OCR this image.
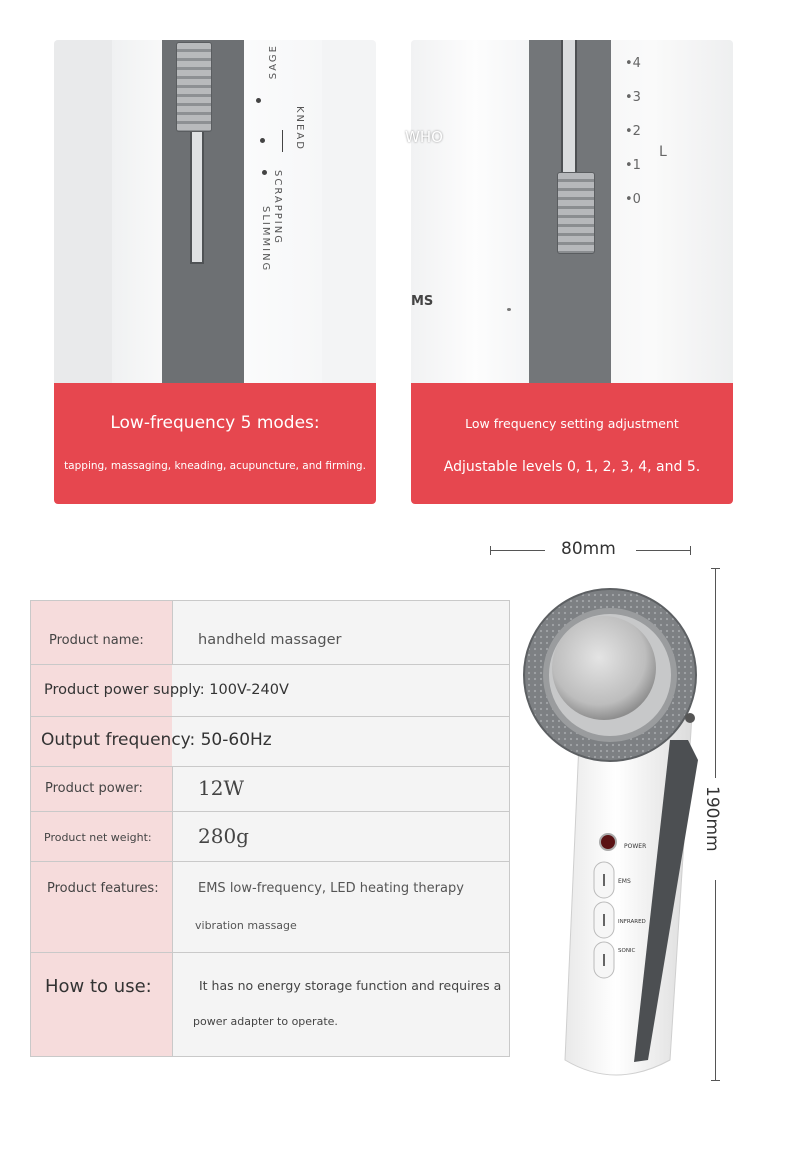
SAGE
KNEAD
SCRAPPING
SLIMMING
Low-frequency 5 modes:
tapping, massaging, kneading, acupuncture, and firming.
•4
•3
•2
•1
•0
L
MS
Low frequency setting adjustment
Adjustable levels 0, 1, 2, 3, 4, and 5.
WHO
80mm
190mm
Product name:	handheld massager
Product power supply: 100V-240V
Output frequency: 50-60Hz
Product power:	12W
Product net weight: 280g
Product features:	EMS low-frequency, LED heating therapy
vibration massage
How to use:	It has no energy storage function and requires a
power adapter to operate.
POWER
EMS
INFRARED
SONIC
